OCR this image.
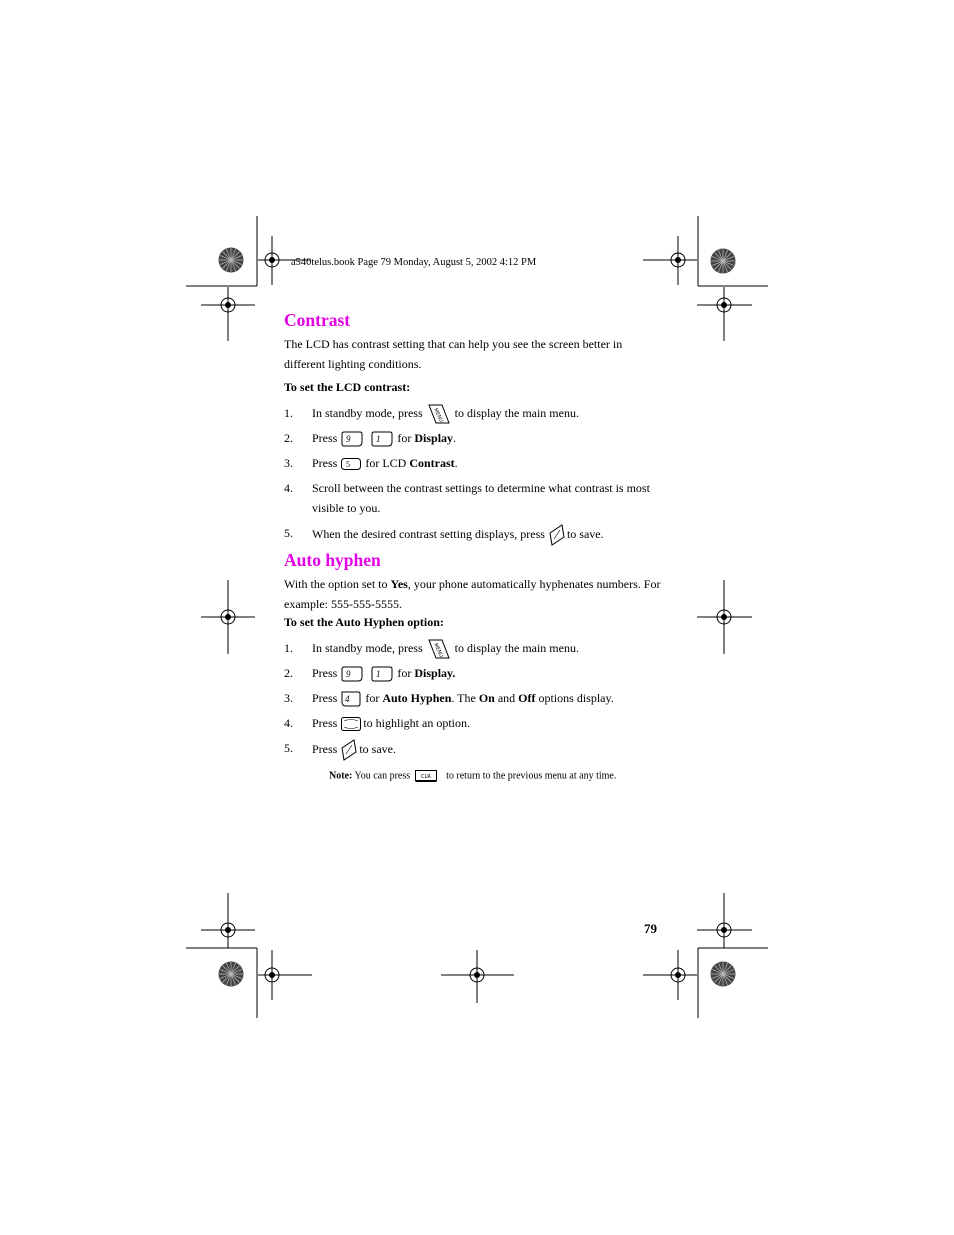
a540telus.book Page 79 Monday, August 5, 2002 4:12 PM
Contrast
The LCD has contrast setting that can help you see the screen better in different lighting conditions.
To set the LCD contrast:
1. In standby mode, press MENU to display the main menu.
2. Press 9	1 for Display.
3. Press 5 for LCD Contrast.
4. Scroll between the contrast settings to determine what contrast is most visible to you.
5. When the desired contrast setting displays, press to save.
Auto hyphen
With the option set to Yes, your phone automatically hyphenates numbers. For example: 555-555-5555.
To set the Auto Hyphen option:
1. In standby mode, press MENU to display the main menu.
2. Press 9	1 for Display.
3. Press 4 for Auto Hyphen. The On and Off options display.
4. Press to highlight an option.
5. Press to save.
Note: You can press CLR to return to the previous menu at any time.
79
